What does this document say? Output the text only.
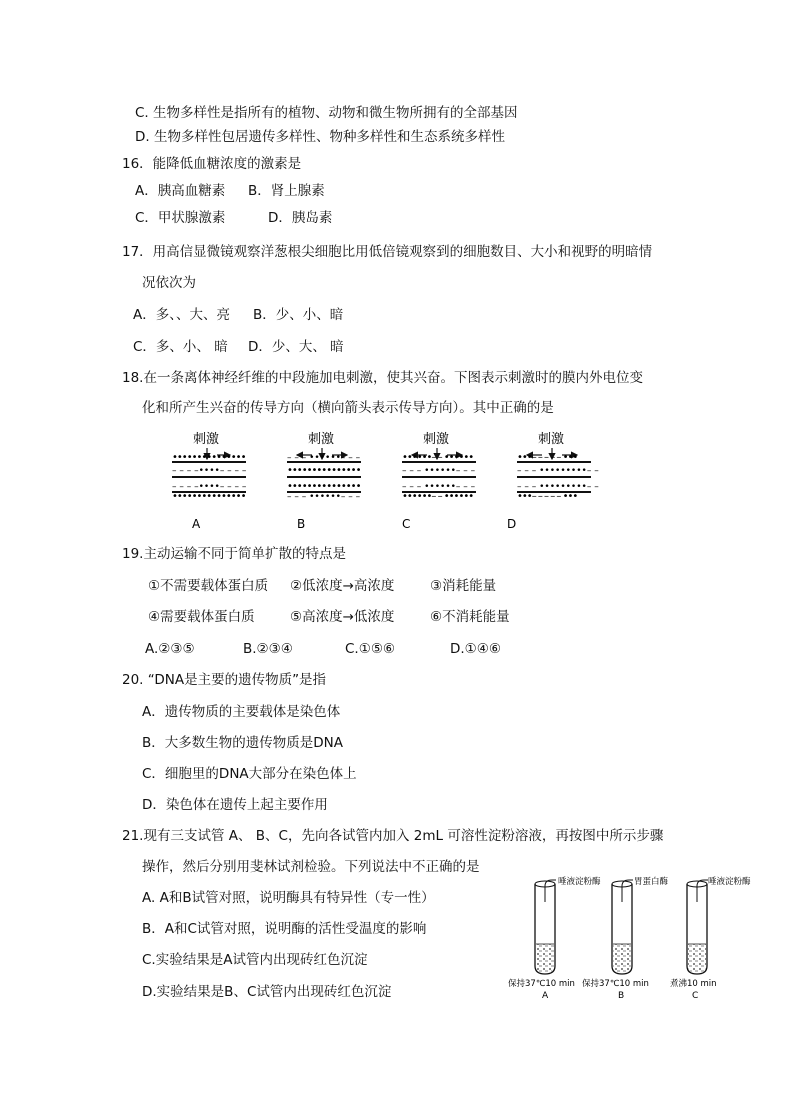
C. 生物多样性是指所有的植物、动物和微生物所拥有的全部基因
D. 生物多样性包居遗传多样性、物种多样性和生态系统多样性
16．能降低血糖浓度的激素是
A．胰高血糖素 B．肾上腺素
C．甲状腺激素	D．胰岛素
17．用高信显微镜观察洋葱根尖细胞比用低倍镜观察到的细胞数目、大小和视野的明暗情
况依次为
A．多、、大、亮 B．少、小、暗
C．多、小、 暗 D．少、大、 暗
18.在一条离体神经纤维的中段施加电刺激，使其兴奋。下图表示刺激时的膜内外电位变
化和所产生兴奋的传导方向（横向箭头表示传导方向）。其中正确的是
刺激
•••••••••••••••
– – – –••••– – – –
– – – –••••– – – –
•••••••••••••••
A
刺激
– – – ••••••– – –
•••••••••••••••
•••••••••••••••
– – – ••••••– – –
B
刺激
••••••– – ••••••
– – – ••••••– – –
– – – ••••••– – –
••••••– – ••••••
C
刺激
•••– – – – – •••
– – – •••••••••– –
– – – •••••••••– –
•••– – – – – •••
D
19.主动运输不同于简单扩散的特点是
①不需要载体蛋白质 ②低浓度→高浓度	③消耗能量
④需要载体蛋白质	⑤高浓度→低浓度	⑥不消耗能量
A.②③⑤	B.②③④	C.①⑤⑥	D.①④⑥
20. “DNA是主要的遗传物质”是指
A．遗传物质的主要载体是染色体
B．大多数生物的遗传物质是DNA
C．细胞里的DNA大部分在染色体上
D．染色体在遗传上起主要作用
21.现有三支试管 A、 B、C，先向各试管内加入 2mL 可溶性淀粉溶液，再按图中所示步骤
操作，然后分别用斐林试剂检验。下列说法中不正确的是
A. A和B试管对照，说明酶具有特异性（专一性）
B．A和C试管对照，说明酶的活性受温度的影响
C.实验结果是A试管内出现砖红色沉淀
D.实验结果是B、C试管内出现砖红色沉淀
唾液淀粉酶
保持37℃10 min
A
胃蛋白酶
保持37℃10 min
B
唾液淀粉酶
煮沸10 min
C
